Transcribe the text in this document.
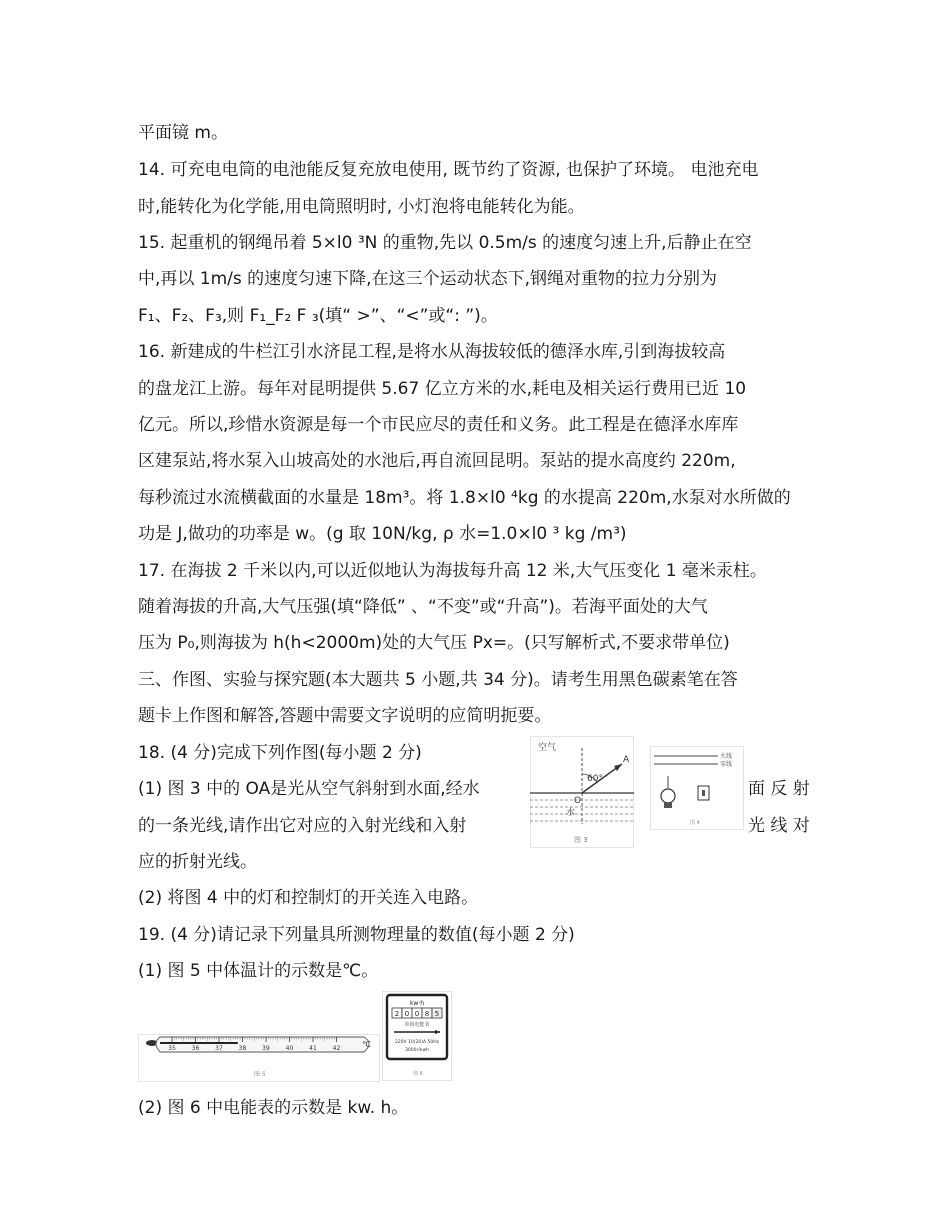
平面镜 m。
14. 可充电电筒的电池能反复充放电使用, 既节约了资源, 也保护了环境。 电池充电
时,能转化为化学能,用电筒照明时, 小灯泡将电能转化为能。
15. 起重机的钢绳吊着 5×l0 ³N 的重物,先以 0.5m/s 的速度匀速上升,后静止在空
中,再以 1m/s 的速度匀速下降,在这三个运动状态下,钢绳对重物的拉力分别为
F₁、F₂、F₃,则 F₁_F₂ F ₃(填“ >”、“<”或“: ”)。
16. 新建成的牛栏江引水济昆工程,是将水从海拔较低的德泽水库,引到海拔较高
的盘龙江上游。每年对昆明提供 5.67 亿立方米的水,耗电及相关运行费用已近 10
亿元。所以,珍惜水资源是每一个市民应尽的责任和义务。此工程是在德泽水库库
区建泵站,将水泵入山坡高处的水池后,再自流回昆明。泵站的提水高度约 220m,
每秒流过水流横截面的水量是 18m³。将 1.8×l0 ⁴kg 的水提高 220m,水泵对水所做的
功是 J,做功的功率是 w。(g 取 10N/kg, ρ 水=1.0×l0 ³ kg /m³)
17. 在海拔 2 千米以内,可以近似地认为海拔每升高 12 米,大气压变化 1 毫米汞柱。
随着海拔的升高,大气压强(填“降低” 、“不变”或“升高”)。若海平面处的大气
压为 P₀,则海拔为 h(h<2000m)处的大气压 Px=。(只写解析式,不要求带单位)
三、作图、实验与探究题(本大题共 5 小题,共 34 分)。请考生用黑色碳素笔在答
题卡上作图和解答,答题中需要文字说明的应简明扼要。
18. (4 分)完成下列作图(每小题 2 分)
(1) 图 3 中的 OA是光从空气斜射到水面,经水
的一条光线,请作出它对应的入射光线和入射
应的折射光线。
(2) 将图 4 中的灯和控制灯的开关连入电路。
19. (4 分)请记录下列量具所测物理量的数值(每小题 2 分)
(1) 图 5 中体温计的示数是℃。
(2) 图 6 中电能表的示数是 kw. h。
面 反 射
光 线 对
空气
60°
A
O
水
图 3
火线
零线
图 4
35	36	37	38	39	40	41	42	℃
图 5
kw·h
2 0 0 8 5
单相电能表
220V 10(20)A 50Hz
3000r/kwh
图 6
